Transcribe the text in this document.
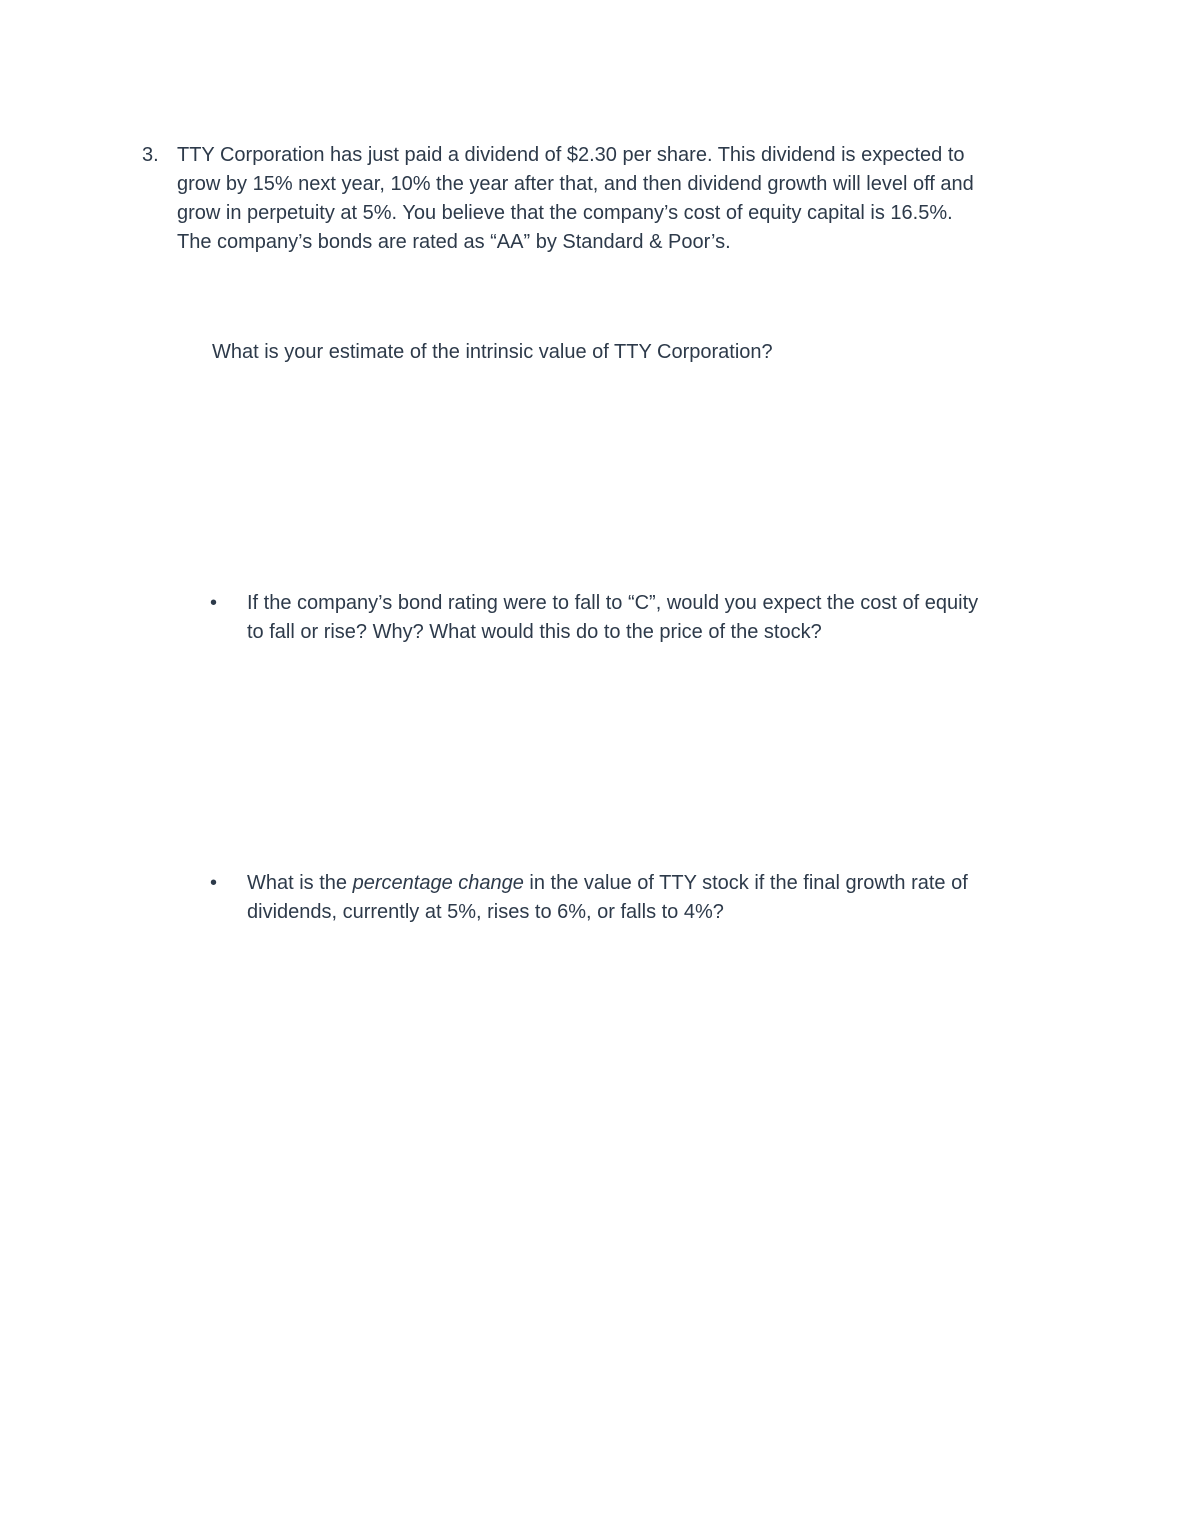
3. TTY Corporation has just paid a dividend of $2.30 per share. This dividend is expected to

grow by 15% next year, 10% the year after that, and then dividend growth will level off and

grow in perpetuity at 5%. You believe that the company’s cost of equity capital is 16.5%.

The company’s bonds are rated as “AA” by Standard & Poor’s.

What is your estimate of the intrinsic value of TTY Corporation?
• If the company’s bond rating were to fall to “C”, would you expect the cost of equity

to fall or rise? Why? What would this do to the price of the stock?

• What is the percentage change in the value of TTY stock if the final growth rate of

dividends, currently at 5%, rises to 6%, or falls to 4%?
